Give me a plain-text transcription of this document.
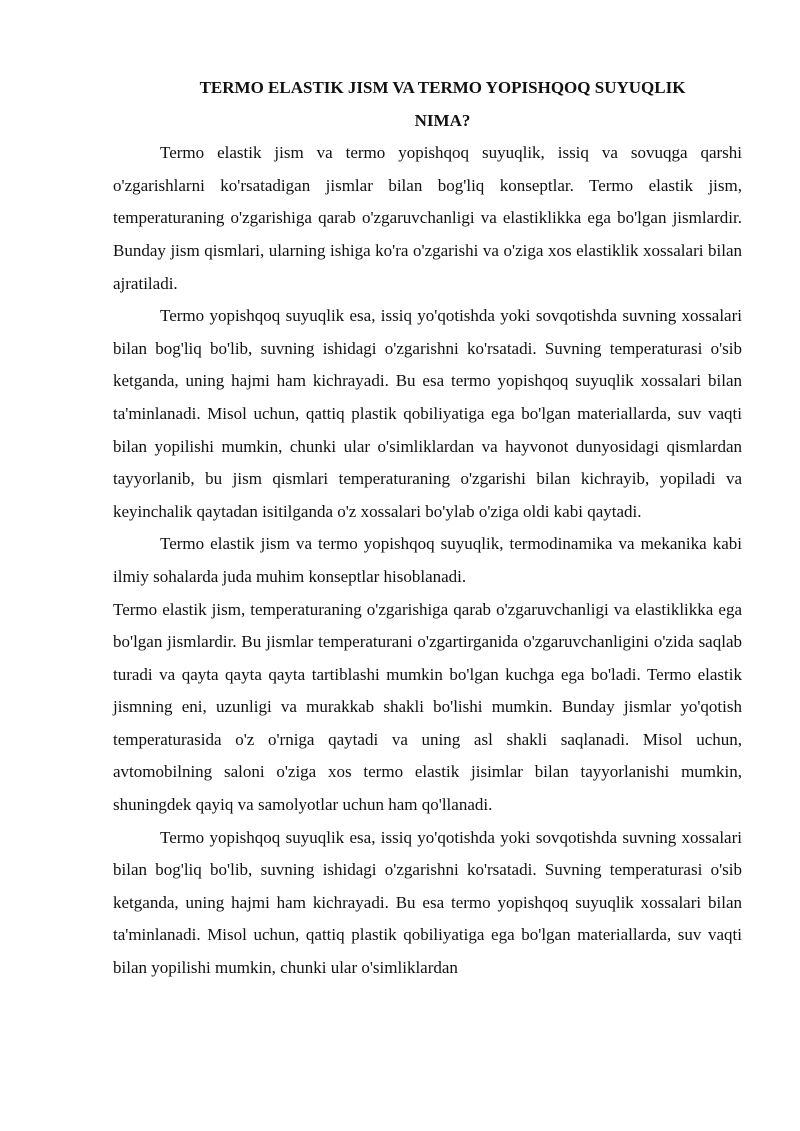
TERMO ELASTIK JISM VA TERMO YOPISHQOQ SUYUQLIK NIMA?

Termo elastik jism va termo yopishqoq suyuqlik, issiq va sovuqga qarshi o'zgarishlarni ko'rsatadigan jismlar bilan bog'liq konseptlar. Termo elastik jism, temperaturaning o'zgarishiga qarab o'zgaruvchanligi va elastiklikka ega bo'lgan jismlardir. Bunday jism qismlari, ularning ishiga ko'ra o'zgarishi va o'ziga xos elastiklik xossalari bilan ajratiladi.

Termo yopishqoq suyuqlik esa, issiq yo'qotishda yoki sovqotishda suvning xossalari bilan bog'liq bo'lib, suvning ishidagi o'zgarishni ko'rsatadi. Suvning temperaturasi o'sib ketganda, uning hajmi ham kichrayadi. Bu esa termo yopishqoq suyuqlik xossalari bilan ta'minlanadi. Misol uchun, qattiq plastik qobiliyatiga ega bo'lgan materiallarda, suv vaqti bilan yopilishi mumkin, chunki ular o'simliklardan va hayvonot dunyosidagi qismlardan tayyorlanib, bu jism qismlari temperaturaning o'zgarishi bilan kichrayib, yopiladi va keyinchalik qaytadan isitilganda o'z xossalari bo'ylab o'ziga oldi kabi qaytadi.

Termo elastik jism va termo yopishqoq suyuqlik, termodinamika va mekanika kabi ilmiy sohalarda juda muhim konseptlar hisoblanadi.

Termo elastik jism, temperaturaning o'zgarishiga qarab o'zgaruvchanligi va elastiklikka ega bo'lgan jismlardir. Bu jismlar temperaturani o'zgartirganida o'zgaruvchanligini o'zida saqlab turadi va qayta qayta qayta tartiblashi mumkin bo'lgan kuchga ega bo'ladi. Termo elastik jismning eni, uzunligi va murakkab shakli bo'lishi mumkin. Bunday jismlar yo'qotish temperaturasida o'z o'rniga qaytadi va uning asl shakli saqlanadi. Misol uchun, avtomobilning saloni o'ziga xos termo elastik jisimlar bilan tayyorlanishi mumkin, shuningdek qayiq va samolyotlar uchun ham qo'llanadi.

Termo yopishqoq suyuqlik esa, issiq yo'qotishda yoki sovqotishda suvning xossalari bilan bog'liq bo'lib, suvning ishidagi o'zgarishni ko'rsatadi. Suvning temperaturasi o'sib ketganda, uning hajmi ham kichrayadi. Bu esa termo yopishqoq suyuqlik xossalari bilan ta'minlanadi. Misol uchun, qattiq plastik qobiliyatiga ega bo'lgan materiallarda, suv vaqti bilan yopilishi mumkin, chunki ular o'simliklardan
